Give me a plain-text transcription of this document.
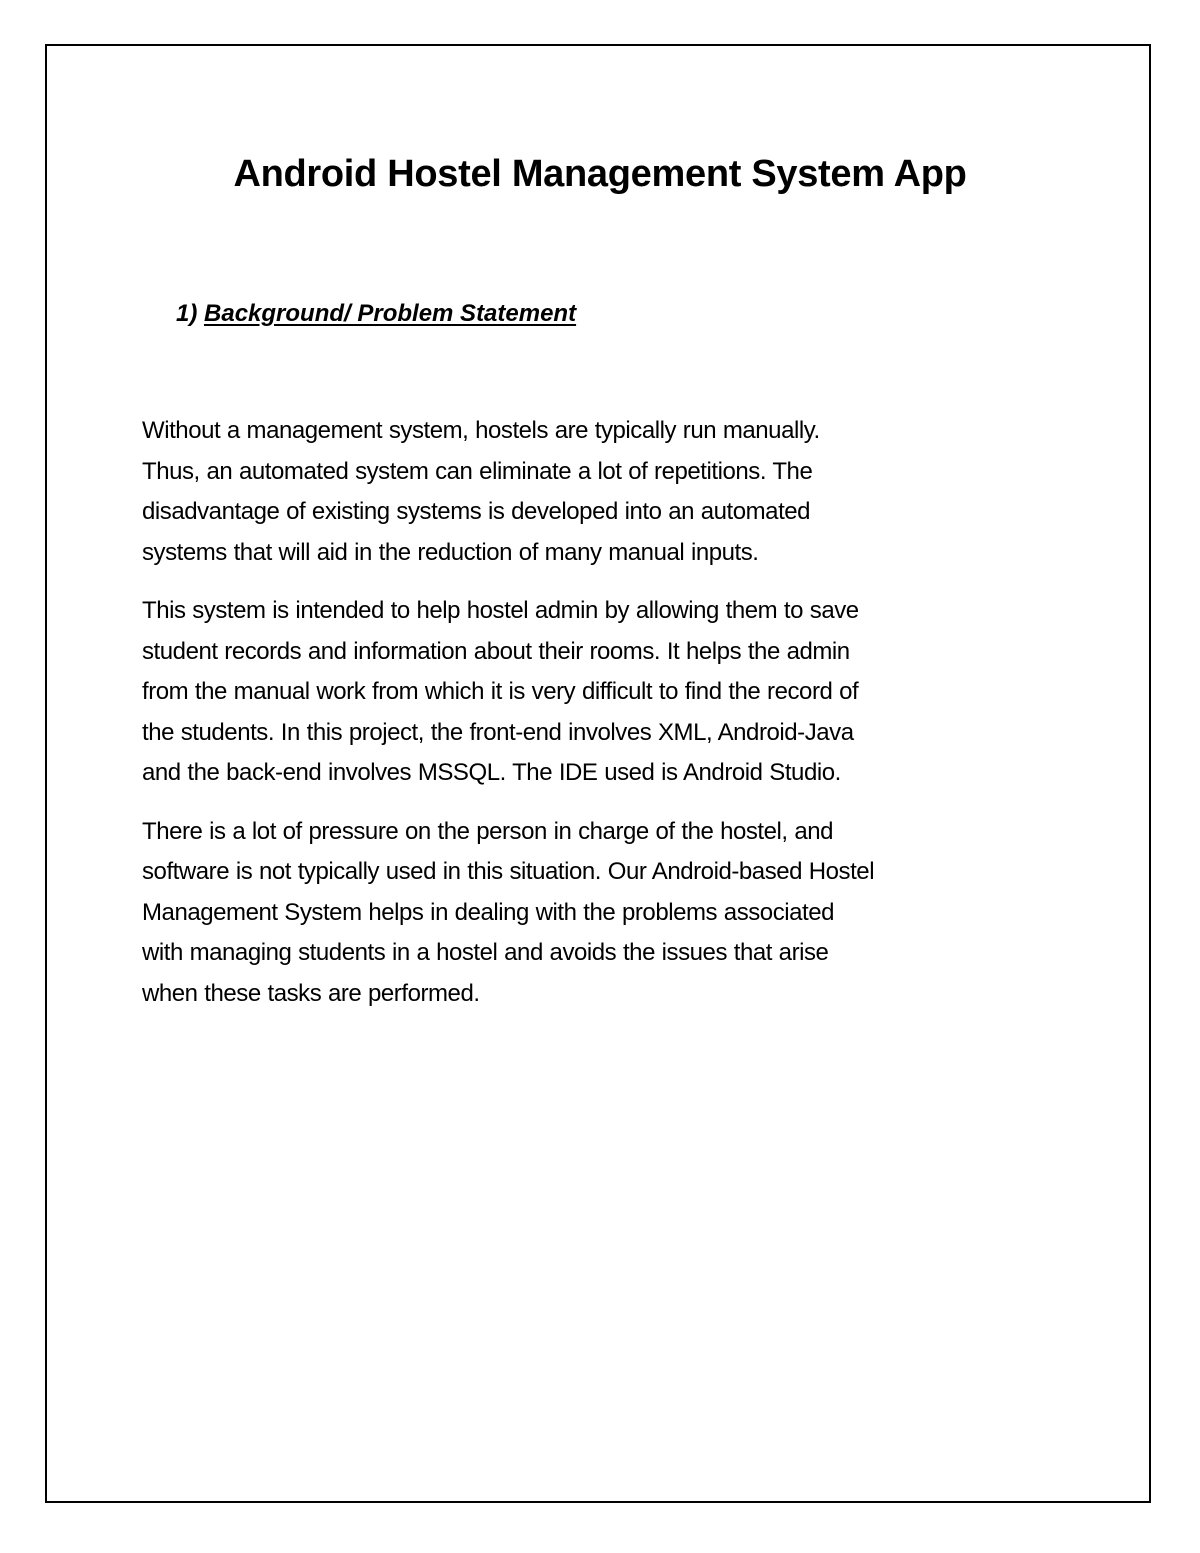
Android Hostel Management System App
1) Background/ Problem Statement

Without a management system, hostels are typically run manually.
Thus, an automated system can eliminate a lot of repetitions. The
disadvantage of existing systems is developed into an automated
systems that will aid in the reduction of many manual inputs.

This system is intended to help hostel admin by allowing them to save
student records and information about their rooms. It helps the admin
from the manual work from which it is very difficult to find the record of
the students. In this project, the front-end involves XML, Android-Java
and the back-end involves MSSQL. The IDE used is Android Studio.

There is a lot of pressure on the person in charge of the hostel, and
software is not typically used in this situation. Our Android-based Hostel
Management System helps in dealing with the problems associated
with managing students in a hostel and avoids the issues that arise
when these tasks are performed.
